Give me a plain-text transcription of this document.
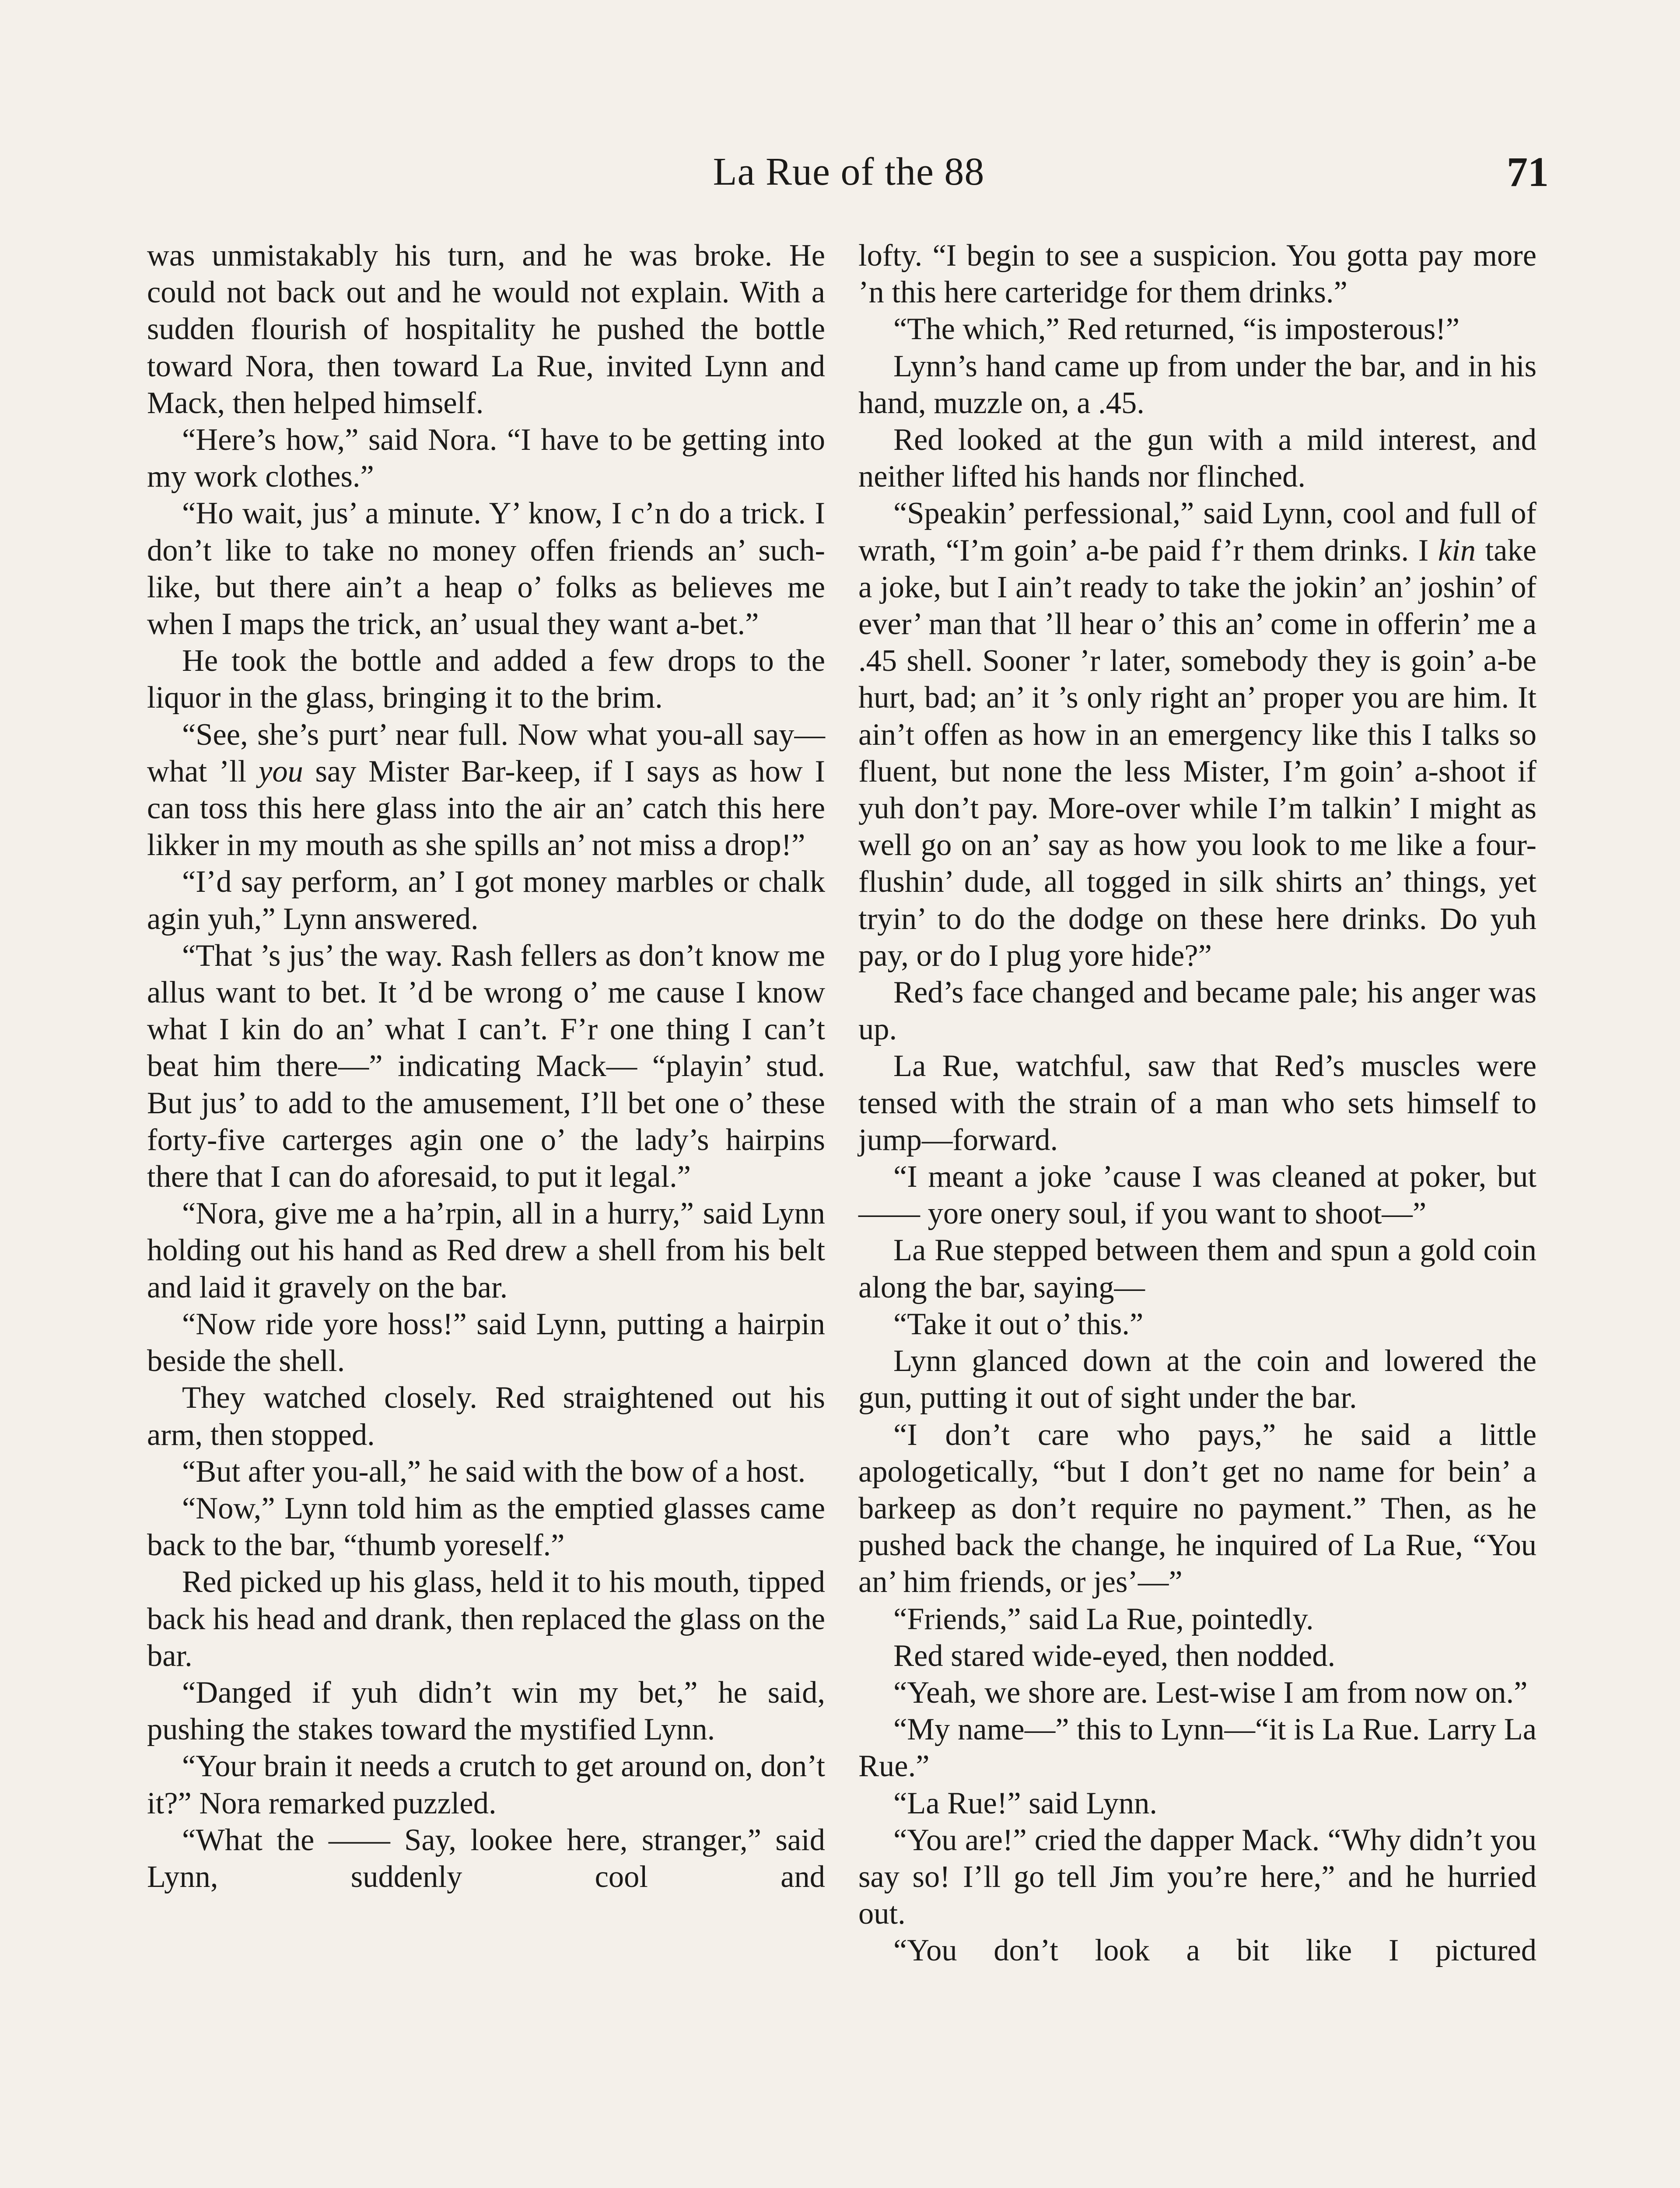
La Rue of the 88	71

was unmistakably his turn, and he was broke. He could not back out and he would not explain. With a sudden flourish of hospitality he pushed the bottle toward Nora, then toward La Rue, invited Lynn and Mack, then helped himself.

“Here’s how,” said Nora. “I have to be getting into my work clothes.”

“Ho wait, jus’ a minute. Y’ know, I c’n do a trick. I don’t like to take no money offen friends an’ such-like, but there ain’t a heap o’ folks as believes me when I maps the trick, an’ usual they want a-bet.”

He took the bottle and added a few drops to the liquor in the glass, bringing it to the brim.

“See, she’s purt’ near full. Now what you-all say—what ’ll you say Mister Bar-keep, if I says as how I can toss this here glass into the air an’ catch this here likker in my mouth as she spills an’ not miss a drop!”

“I’d say perform, an’ I got money marbles or chalk agin yuh,” Lynn answered.

“That ’s jus’ the way. Rash fellers as don’t know me allus want to bet. It ’d be wrong o’ me cause I know what I kin do an’ what I can’t. F’r one thing I can’t beat him there—” indicating Mack— “playin’ stud. But jus’ to add to the amusement, I’ll bet one o’ these forty-five carterges agin one o’ the lady’s hairpins there that I can do aforesaid, to put it legal.”

“Nora, give me a ha’rpin, all in a hurry,” said Lynn holding out his hand as Red drew a shell from his belt and laid it gravely on the bar.

“Now ride yore hoss!” said Lynn, putting a hairpin beside the shell.

They watched closely. Red straightened out his arm, then stopped.

“But after you-all,” he said with the bow of a host.

“Now,” Lynn told him as the emptied glasses came back to the bar, “thumb yoreself.”

Red picked up his glass, held it to his mouth, tipped back his head and drank, then replaced the glass on the bar.

“Danged if yuh didn’t win my bet,” he said, pushing the stakes toward the mystified Lynn.

“Your brain it needs a crutch to get around on, don’t it?” Nora remarked puzzled.

“What the —— Say, lookee here, stranger,” said Lynn, suddenly cool and

lofty. “I begin to see a suspicion. You gotta pay more ’n this here carteridge for them drinks.”

“The which,” Red returned, “is imposterous!”

Lynn’s hand came up from under the bar, and in his hand, muzzle on, a .45.

Red looked at the gun with a mild interest, and neither lifted his hands nor flinched.

“Speakin’ perfessional,” said Lynn, cool and full of wrath, “I’m goin’ a-be paid f’r them drinks. I kin take a joke, but I ain’t ready to take the jokin’ an’ joshin’ of ever’ man that ’ll hear o’ this an’ come in offerin’ me a .45 shell. Sooner ’r later, somebody they is goin’ a-be hurt, bad; an’ it ’s only right an’ proper you are him. It ain’t offen as how in an emergency like this I talks so fluent, but none the less Mister, I’m goin’ a-shoot if yuh don’t pay. More-over while I’m talkin’ I might as well go on an’ say as how you look to me like a four-flushin’ dude, all togged in silk shirts an’ things, yet tryin’ to do the dodge on these here drinks. Do yuh pay, or do I plug yore hide?”

Red’s face changed and became pale; his anger was up.

La Rue, watchful, saw that Red’s muscles were tensed with the strain of a man who sets himself to jump—forward.

“I meant a joke ’cause I was cleaned at poker, but —— yore onery soul, if you want to shoot—”

La Rue stepped between them and spun a gold coin along the bar, saying—

“Take it out o’ this.”

Lynn glanced down at the coin and lowered the gun, putting it out of sight under the bar.

“I don’t care who pays,” he said a little apologetically, “but I don’t get no name for bein’ a barkeep as don’t require no payment.” Then, as he pushed back the change, he inquired of La Rue, “You an’ him friends, or jes’—”

“Friends,” said La Rue, pointedly.

Red stared wide-eyed, then nodded.

“Yeah, we shore are. Lest-wise I am from now on.”

“My name—” this to Lynn—“it is La Rue. Larry La Rue.”

“La Rue!” said Lynn.

“You are!” cried the dapper Mack. “Why didn’t you say so! I’ll go tell Jim you’re here,” and he hurried out.

“You don’t look a bit like I pictured
